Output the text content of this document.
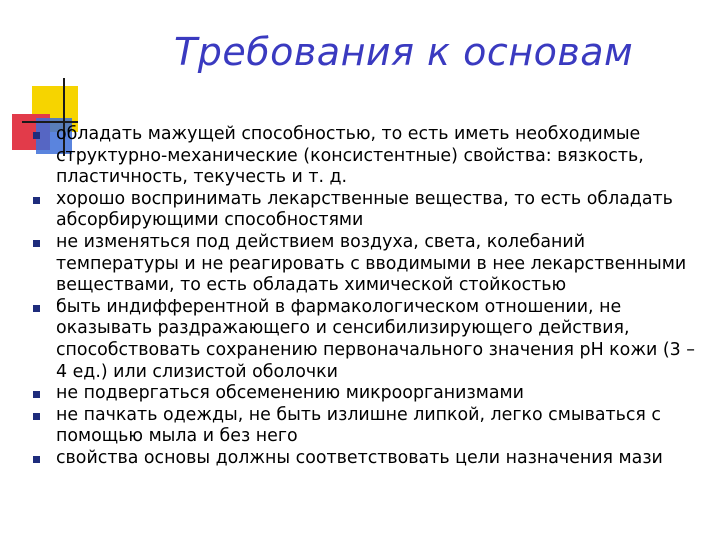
Требования к основам
обладать мажущей способностью, то есть иметь необходимые структурно-механические (консистентные) свойства: вязкость, пластичность, текучесть и т. д.
хорошо воспринимать лекарственные вещества, то есть обладать абсорбирующими способностями
не изменяться под действием воздуха, света, колебаний температуры и не реагировать с вводимыми в нее лекарственными веществами, то есть обладать химической стойкостью
быть индифферентной в фармакологическом отношении, не оказывать раздражающего и сенсибилизирующего действия, способствовать сохранению первоначального значения рН кожи (3 – 4 ед.) или слизистой оболочки
не подвергаться обсеменению микроорганизмами
не пачкать одежды, не быть излишне липкой, легко смываться с помощью мыла и без него
свойства основы должны соответствовать цели назначения мази
